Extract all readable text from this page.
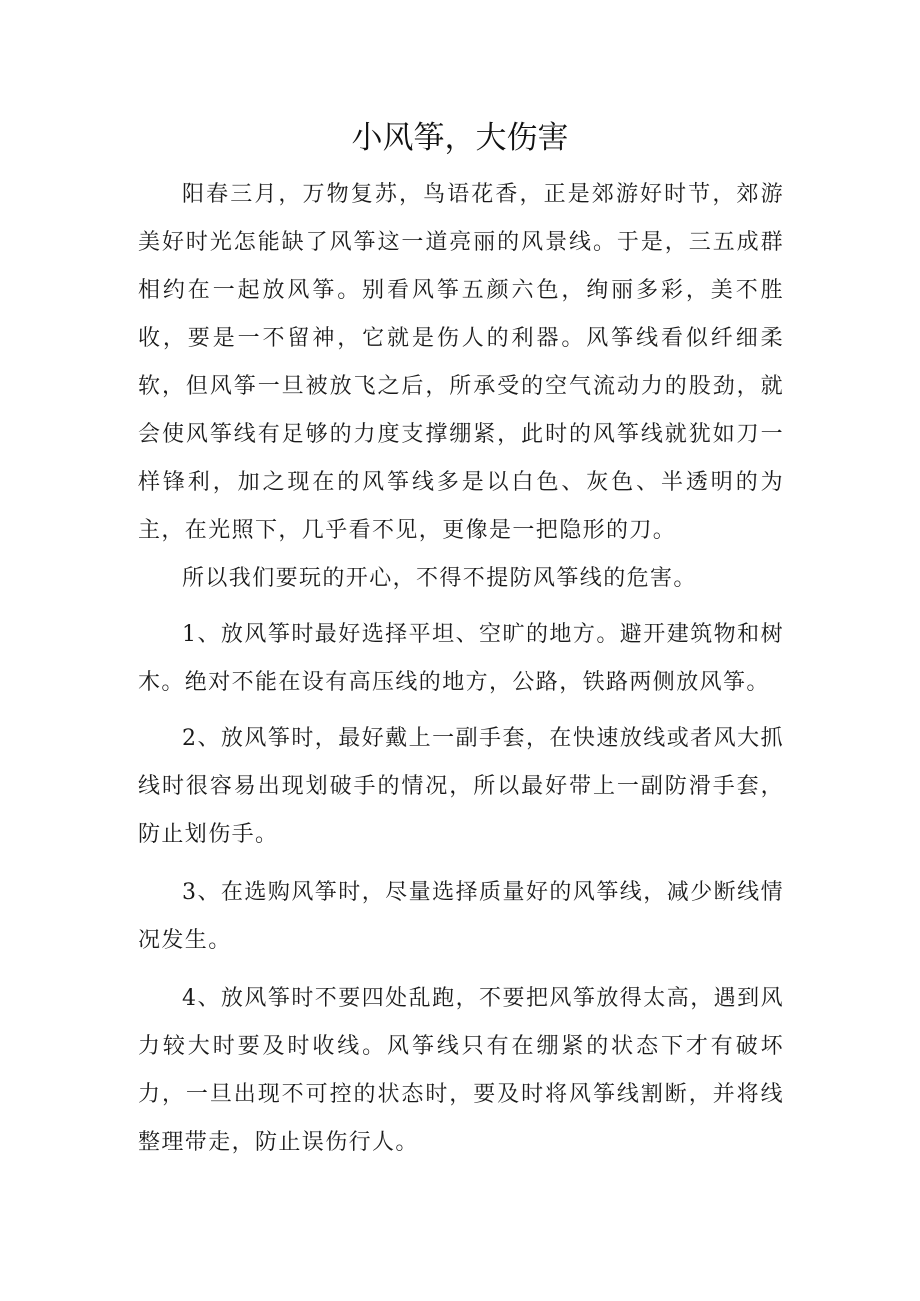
小风筝，大伤害

阳春三月，万物复苏，鸟语花香，正是郊游好时节，郊游美好时光怎能缺了风筝这一道亮丽的风景线。于是，三五成群相约在一起放风筝。别看风筝五颜六色，绚丽多彩，美不胜收，要是一不留神，它就是伤人的利器。风筝线看似纤细柔软，但风筝一旦被放飞之后，所承受的空气流动力的股劲，就会使风筝线有足够的力度支撑绷紧，此时的风筝线就犹如刀一样锋利，加之现在的风筝线多是以白色、灰色、半透明的为主，在光照下，几乎看不见，更像是一把隐形的刀。

所以我们要玩的开心，不得不提防风筝线的危害。

1、放风筝时最好选择平坦、空旷的地方。避开建筑物和树木。绝对不能在设有高压线的地方，公路，铁路两侧放风筝。

2、放风筝时，最好戴上一副手套，在快速放线或者风大抓线时很容易出现划破手的情况，所以最好带上一副防滑手套，防止划伤手。

3、在选购风筝时，尽量选择质量好的风筝线，减少断线情况发生。

4、放风筝时不要四处乱跑，不要把风筝放得太高，遇到风力较大时要及时收线。风筝线只有在绷紧的状态下才有破坏力，一旦出现不可控的状态时，要及时将风筝线割断，并将线整理带走，防止误伤行人。
